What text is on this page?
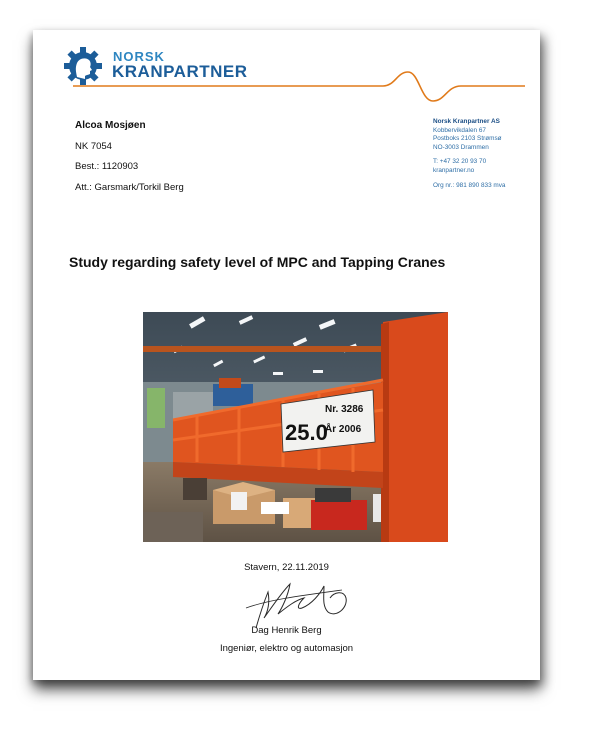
NORSK
KRANPARTNER
Alcoa Mosjøen
NK 7054
Best.: 1120903
Att.: Garsmark/Torkil Berg
Norsk Kranpartner AS
Kobbervikdalen 67
Postboks 2103 Strømsø
NO-3003 Drammen
T: +47 32 20 93 70
kranpartner.no
Org nr.: 981 890 833 mva
Study regarding safety level of MPC and Tapping Cranes
25.0
Nr. 3286
År 2006
Stavern, 22.11.2019
Dag Henrik Berg
Ingeniør, elektro og automasjon
